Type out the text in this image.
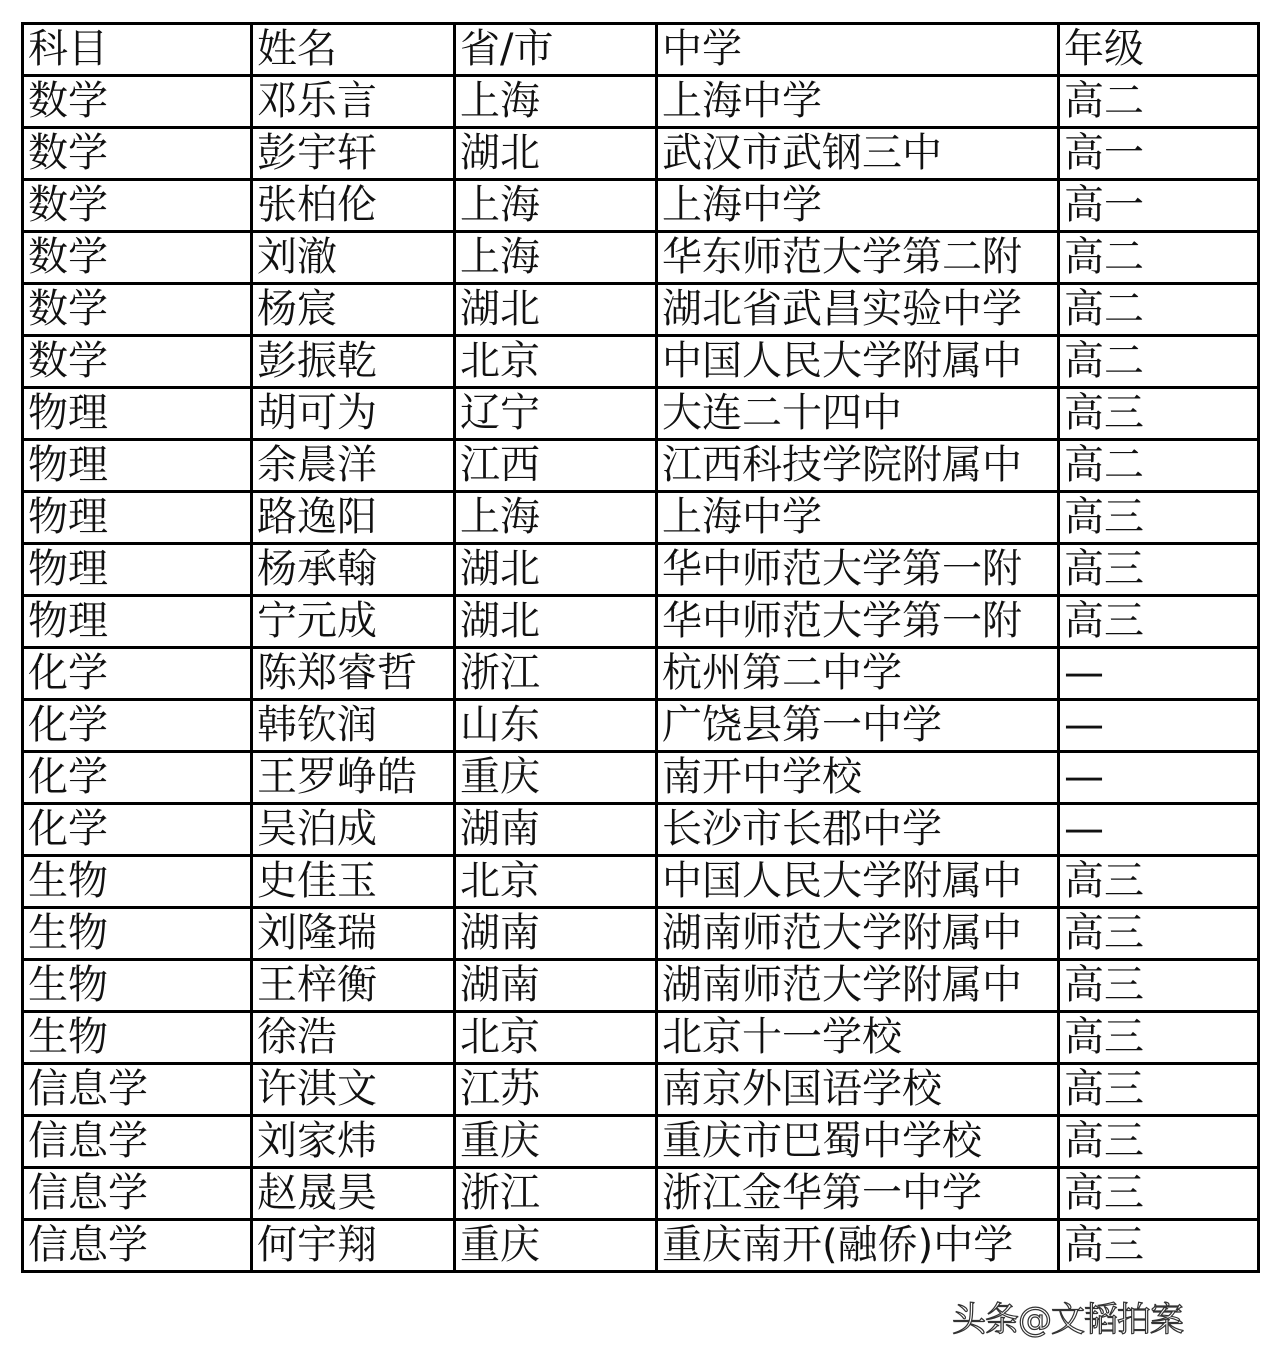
科目	姓名	省/市	中学	年级
数学	邓乐言	上海	上海中学	高二
数学	彭宇轩	湖北	武汉市武钢三中	高一
数学	张柏伦	上海	上海中学	高一
数学	刘澈	上海	华东师范大学第二附	高二
数学	杨宸	湖北	湖北省武昌实验中学	高二
数学	彭振乾	北京	中国人民大学附属中	高二
物理	胡可为	辽宁	大连二十四中	高三
物理	余晨洋	江西	江西科技学院附属中	高二
物理	路逸阳	上海	上海中学	高三
物理	杨承翰	湖北	华中师范大学第一附	高三
物理	宁元成	湖北	华中师范大学第一附	高三
化学	陈郑睿哲	浙江	杭州第二中学	—
化学	韩钦润	山东	广饶县第一中学	—
化学	王罗峥皓	重庆	南开中学校	—
化学	吴泊成	湖南	长沙市长郡中学	—
生物	史佳玉	北京	中国人民大学附属中	高三
生物	刘隆瑞	湖南	湖南师范大学附属中	高三
生物	王梓衡	湖南	湖南师范大学附属中	高三
生物	徐浩	北京	北京十一学校	高三
信息学	许淇文	江苏	南京外国语学校	高三
信息学	刘家炜	重庆	重庆市巴蜀中学校	高三
信息学	赵晟昊	浙江	浙江金华第一中学	高三
信息学	何宇翔	重庆	重庆南开(融侨)中学	高三
头条@文韬拍案
